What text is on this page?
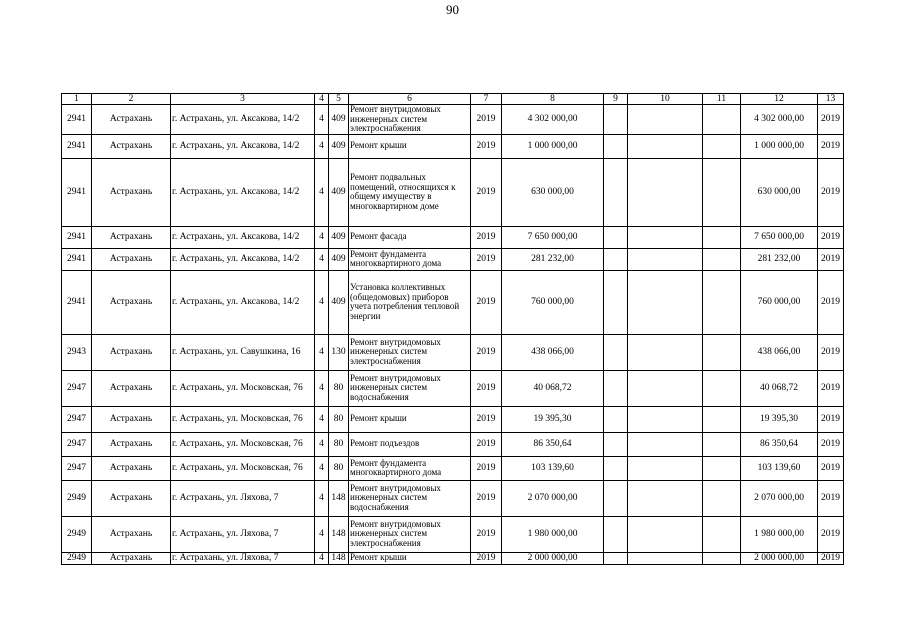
90
1	2	3	4	5	6	7	8	9	10	11	12	13
2941	Астрахань	г. Астрахань, ул. Аксакова, 14/2	4	409	Ремонт внутридомовых инженерных систем электроснабжения	2019	4 302 000,00				4 302 000,00	2019
2941	Астрахань	г. Астрахань, ул. Аксакова, 14/2	4	409	Ремонт крыши	2019	1 000 000,00				1 000 000,00	2019
2941	Астрахань	г. Астрахань, ул. Аксакова, 14/2	4	409	Ремонт подвальных помещений, относящихся к общему имуществу в многоквартирном доме	2019	630 000,00				630 000,00	2019
2941	Астрахань	г. Астрахань, ул. Аксакова, 14/2	4	409	Ремонт фасада	2019	7 650 000,00				7 650 000,00	2019
2941	Астрахань	г. Астрахань, ул. Аксакова, 14/2	4	409	Ремонт фундамента многоквартирного дома	2019	281 232,00				281 232,00	2019
2941	Астрахань	г. Астрахань, ул. Аксакова, 14/2	4	409	Установка коллективных (общедомовых) приборов учета потребления тепловой энергии	2019	760 000,00				760 000,00	2019
2943	Астрахань	г. Астрахань, ул. Савушкина, 16	4	130	Ремонт внутридомовых инженерных систем электроснабжения	2019	438 066,00				438 066,00	2019
2947	Астрахань	г. Астрахань, ул. Московская, 76	4	80	Ремонт внутридомовых инженерных систем водоснабжения	2019	40 068,72				40 068,72	2019
2947	Астрахань	г. Астрахань, ул. Московская, 76	4	80	Ремонт крыши	2019	19 395,30				19 395,30	2019
2947	Астрахань	г. Астрахань, ул. Московская, 76	4	80	Ремонт подъездов	2019	86 350,64				86 350,64	2019
2947	Астрахань	г. Астрахань, ул. Московская, 76	4	80	Ремонт фундамента многоквартирного дома	2019	103 139,60				103 139,60	2019
2949	Астрахань	г. Астрахань, ул. Ляхова, 7	4	148	Ремонт внутридомовых инженерных систем водоснабжения	2019	2 070 000,00				2 070 000,00	2019
2949	Астрахань	г. Астрахань, ул. Ляхова, 7	4	148	Ремонт внутридомовых инженерных систем электроснабжения	2019	1 980 000,00				1 980 000,00	2019
2949	Астрахань	г. Астрахань, ул. Ляхова, 7	4	148	Ремонт крыши	2019	2 000 000,00				2 000 000,00	2019
